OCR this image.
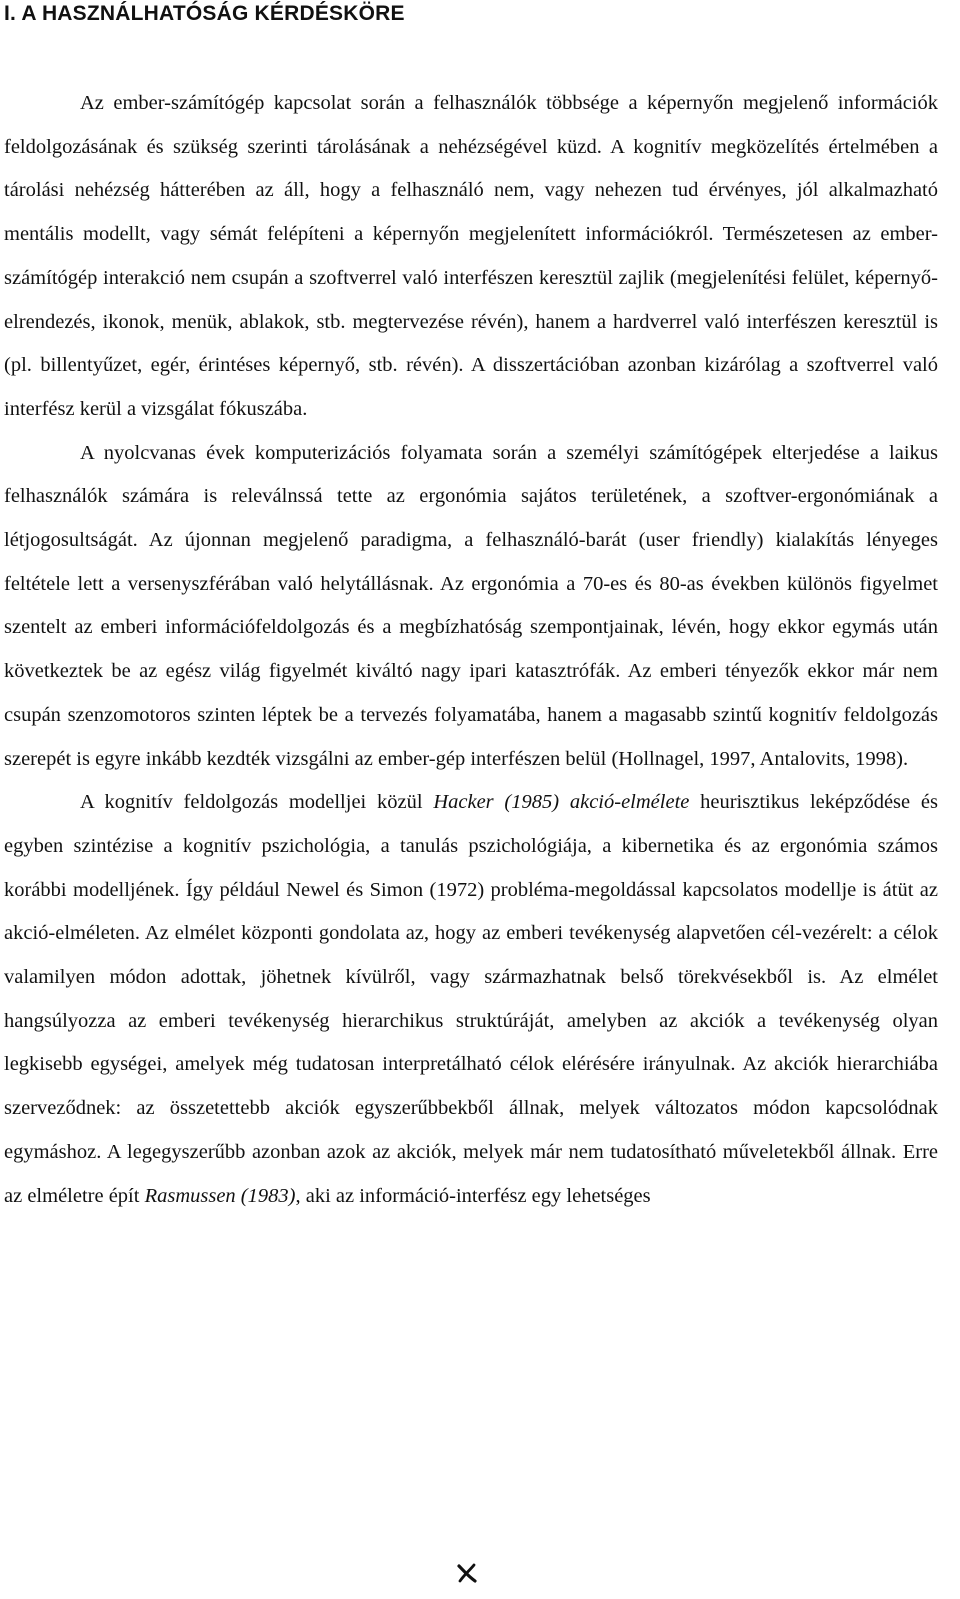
I. A HASZNÁLHATÓSÁG KÉRDÉSKÖRE

Az ember-számítógép kapcsolat során a felhasználók többsége a képernyőn megjelenő információk feldolgozásának és szükség szerinti tárolásának a nehézségével küzd. A kognitív megközelítés értelmében a tárolási nehézség hátterében az áll, hogy a felhasználó nem, vagy nehezen tud érvényes, jól alkalmazható mentális modellt, vagy sémát felépíteni a képernyőn megjelenített információkról. Természetesen az ember-számítógép interakció nem csupán a szoftverrel való interfészen keresztül zajlik (megjelenítési felület, képernyő-elrendezés, ikonok, menük, ablakok, stb. megtervezése révén), hanem a hardverrel való interfészen keresztül is (pl. billentyűzet, egér, érintéses képernyő, stb. révén). A disszertációban azonban kizárólag a szoftverrel való interfész kerül a vizsgálat fókuszába.

A nyolcvanas évek komputerizációs folyamata során a személyi számítógépek elterjedése a laikus felhasználók számára is releválnssá tette az ergonómia sajátos területének, a szoftver-ergonómiának a létjogosultságát. Az újonnan megjelenő paradigma, a felhasználó-barát (user friendly) kialakítás lényeges feltétele lett a versenyszférában való helytállásnak. Az ergonómia a 70-es és 80-as években különös figyelmet szentelt az emberi információfeldolgozás és a megbízhatóság szempontjainak, lévén, hogy ekkor egymás után következtek be az egész világ figyelmét kiváltó nagy ipari katasztrófák. Az emberi tényezők ekkor már nem csupán szenzomotoros szinten léptek be a tervezés folyamatába, hanem a magasabb szintű kognitív feldolgozás szerepét is egyre inkább kezdték vizsgálni az ember-gép interfészen belül (Hollnagel, 1997, Antalovits, 1998).

A kognitív feldolgozás modelljei közül Hacker (1985) akció-elmélete heurisztikus leképződése és egyben szintézise a kognitív pszichológia, a tanulás pszichológiája, a kibernetika és az ergonómia számos korábbi modelljének. Így például Newel és Simon (1972) probléma-megoldással kapcsolatos modellje is átüt az akció-elméleten. Az elmélet központi gondolata az, hogy az emberi tevékenység alapvetően cél-vezérelt: a célok valamilyen módon adottak, jöhetnek kívülről, vagy származhatnak belső törekvésekből is. Az elmélet hangsúlyozza az emberi tevékenység hierarchikus struktúráját, amelyben az akciók a tevékenység olyan legkisebb egységei, amelyek még tudatosan interpretálható célok elérésére irányulnak. Az akciók hierarchiába szerveződnek: az összetettebb akciók egyszerűbbekből állnak, melyek változatos módon kapcsolódnak egymáshoz. A legegyszerűbb azonban azok az akciók, melyek már nem tudatosítható műveletekből állnak. Erre az elméletre épít Rasmussen (1983), aki az információ-interfész egy lehetséges
